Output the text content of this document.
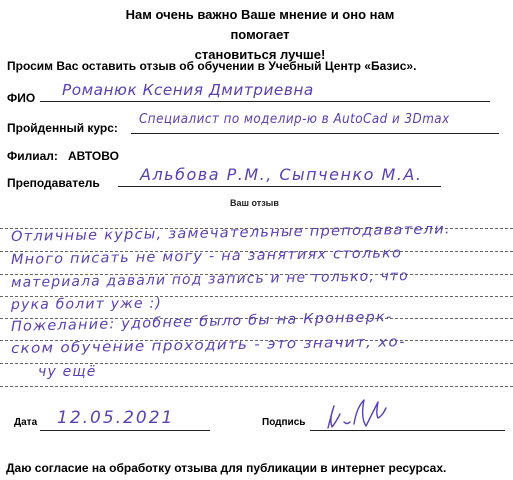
Нам очень важно Ваше мнение и оно нам помогает
становиться лучше!
Просим Вас оставить отзыв об обучении в Учебный Центр «Базис».
ФИО Романюк Ксения Дмитриевна
Пройденный курс:
Специалист по моделир-ю в AutoCad и 3Dmax
Филиал: АВТОВО
Преподаватель	Альбова Р.М., Сыпченко М.А.
Ваш отзыв
Отличные курсы, замечательные преподаватели.
Много писать не могу - на занятиях столько
материала давали под запись и не только, что
рука болит уже :)
Пожелание: удобнее было бы на Кронверк-
ском обучение проходить - это значит, хо-
чу ещё
Дата 12.05.2021	Подпись
Даю согласие на обработку отзыва для публикации в интернет ресурсах.
